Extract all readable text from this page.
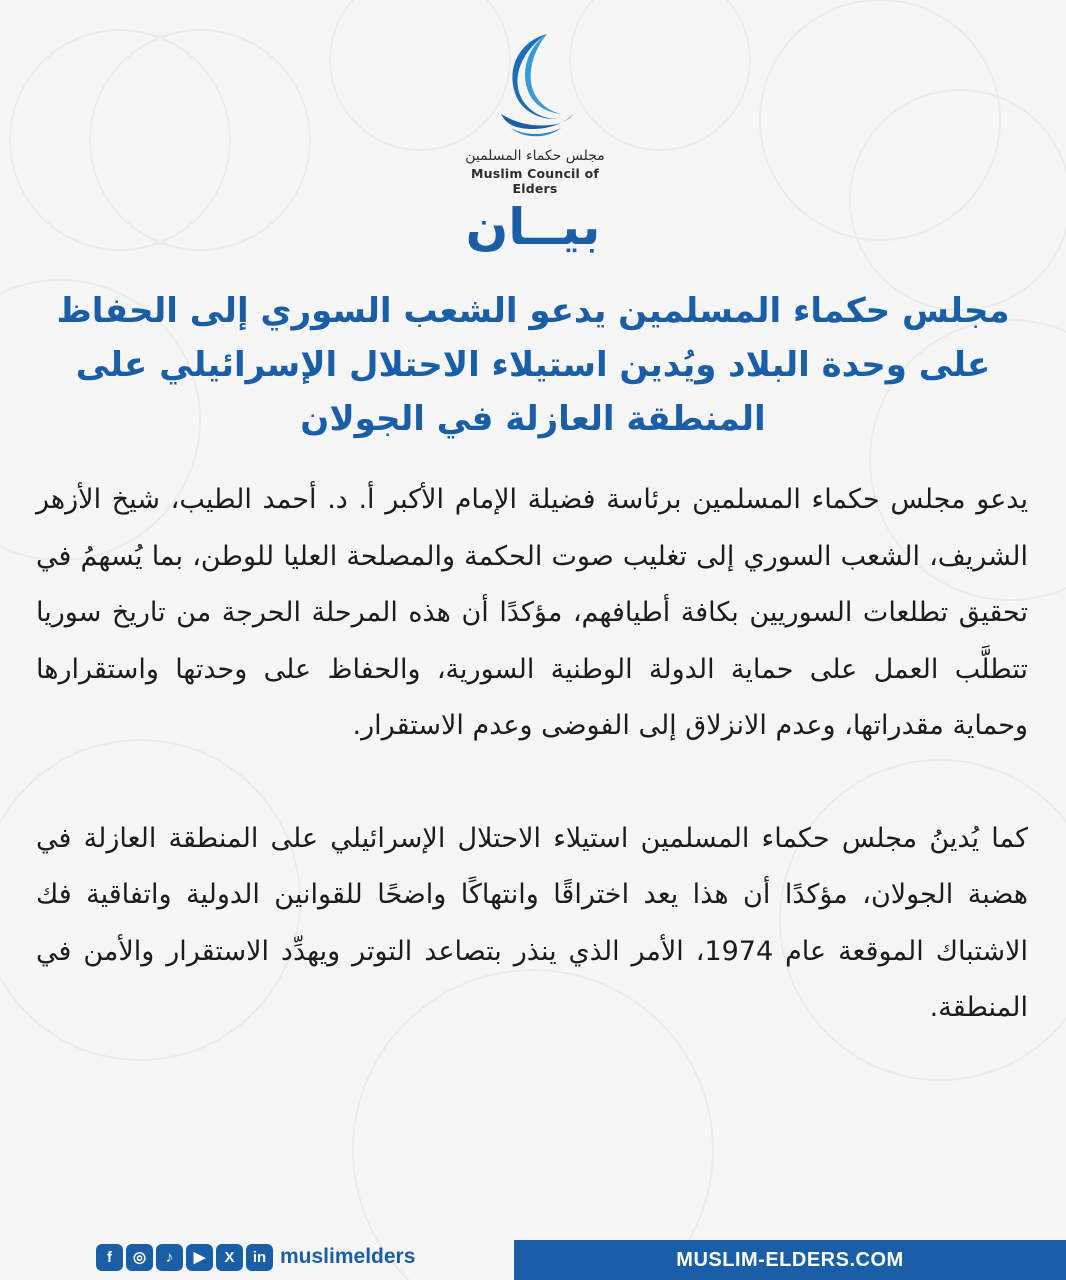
مجلس حكماء المسلمين
Muslim Council of Elders
بيــان
مجلس حكماء المسلمين يدعو الشعب السوري إلى الحفاظ على وحدة البلاد ويُدين استيلاء الاحتلال الإسرائيلي على المنطقة العازلة في الجولان

يدعو مجلس حكماء المسلمين برئاسة فضيلة الإمام الأكبر أ. د. أحمد الطيب، شيخ الأزهر الشريف، الشعب السوري إلى تغليب صوت الحكمة والمصلحة العليا للوطن، بما يُسهمُ في تحقيق تطلعات السوريين بكافة أطيافهم، مؤكدًا أن هذه المرحلة الحرجة من تاريخ سوريا تتطلَّب العمل على حماية الدولة الوطنية السورية، والحفاظ على وحدتها واستقرارها وحماية مقدراتها، وعدم الانزلاق إلى الفوضى وعدم الاستقرار.

كما يُدينُ مجلس حكماء المسلمين استيلاء الاحتلال الإسرائيلي على المنطقة العازلة في هضبة الجولان، مؤكدًا أن هذا يعد اختراقًا وانتهاكًا واضحًا للقوانين الدولية واتفاقية فك الاشتباك الموقعة عام 1974، الأمر الذي ينذر بتصاعد التوتر ويهدِّد الاستقرار والأمن في المنطقة.

f	◎	♪	▶	X	in muslimelders	MUSLIM-ELDERS.COM
